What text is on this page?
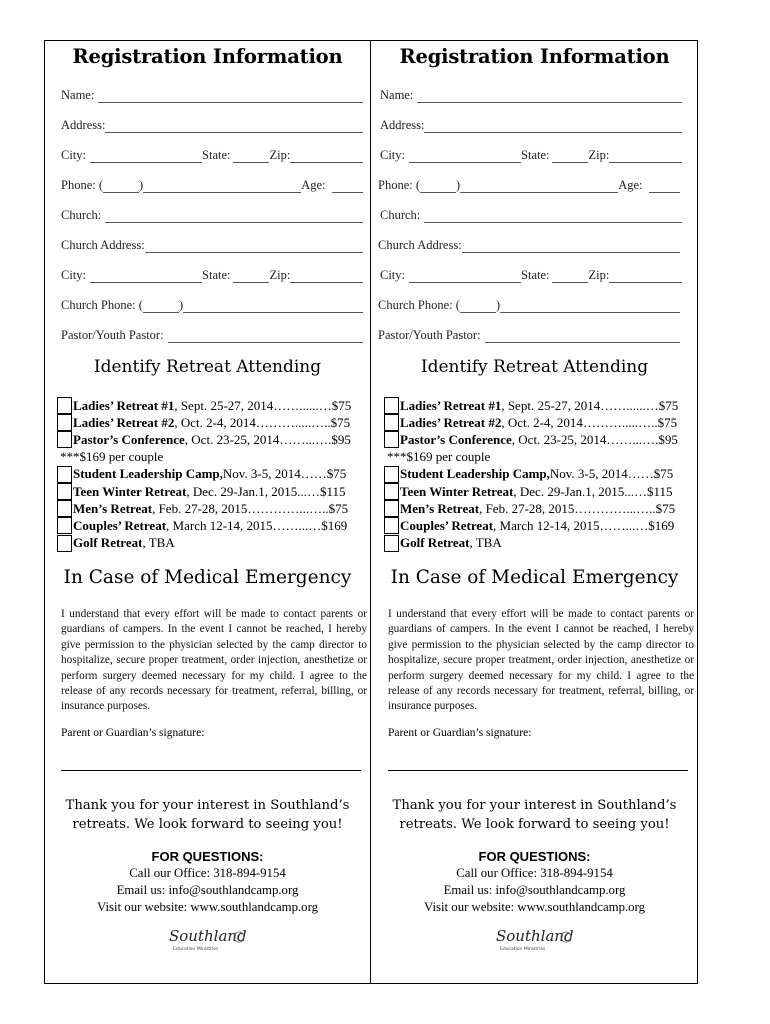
Registration Information
Name:
Address:
City:	State:	Zip:
Phone: (	)	Age:
Church:
Church Address:
City:	State:	Zip:
Church Phone: (	)
Pastor/Youth Pastor:
Identify Retreat Attending
Ladies’ Retreat #1 , Sept. 25-27, 2014……......…$75
Ladies’ Retreat #2 , Oct. 2-4, 2014……….....…..$75
Pastor’s Conference , Oct. 23-25, 2014……...….$95
***$169 per couple
Student Leadership Camp, Nov. 3-5, 2014……$75
Teen Winter Retreat , Dec. 29-Jan.1, 2015...…$115
Men’s Retreat , Feb. 27-28, 2015…………...…..$75
Couples’ Retreat , March 12-14, 2015……...…$169
Golf Retreat , TBA
In Case of Medical Emergency
I understand that every effort will be made to contact parents or guardians of campers. In the event I cannot be reached, I hereby give permission to the physician selected by the camp director to hospitalize, secure proper treatment, order injection, anesthetize or perform surgery deemed necessary for my child. I agree to the release of any records necessary for treatment, referral, billing, or insurance purposes.
Parent or Guardian’s signature:
Thank you for your interest in Southland’s
retreats. We look forward to seeing you!
FOR QUESTIONS:
Call our Office: 318-894-9154
Email us: info@southlandcamp.org
Visit our website: www.southlandcamp.org
Southland
Education Ministries
Registration Information
Name:
Address:
City:	State:	Zip:
Phone: (	)	Age:
Church:
Church Address:
City:	State:	Zip:
Church Phone: (	)
Pastor/Youth Pastor:
Identify Retreat Attending
Ladies’ Retreat #1 , Sept. 25-27, 2014……......…$75
Ladies’ Retreat #2 , Oct. 2-4, 2014……….....…..$75
Pastor’s Conference , Oct. 23-25, 2014……...….$95
***$169 per couple
Student Leadership Camp, Nov. 3-5, 2014……$75
Teen Winter Retreat , Dec. 29-Jan.1, 2015...…$115
Men’s Retreat , Feb. 27-28, 2015…………...…..$75
Couples’ Retreat , March 12-14, 2015……...…$169
Golf Retreat , TBA
In Case of Medical Emergency
I understand that every effort will be made to contact parents or guardians of campers. In the event I cannot be reached, I hereby give permission to the physician selected by the camp director to hospitalize, secure proper treatment, order injection, anesthetize or perform surgery deemed necessary for my child. I agree to the release of any records necessary for treatment, referral, billing, or insurance purposes.
Parent or Guardian’s signature:
Thank you for your interest in Southland’s
retreats. We look forward to seeing you!
FOR QUESTIONS:
Call our Office: 318-894-9154
Email us: info@southlandcamp.org
Visit our website: www.southlandcamp.org
Southland
Education Ministries
